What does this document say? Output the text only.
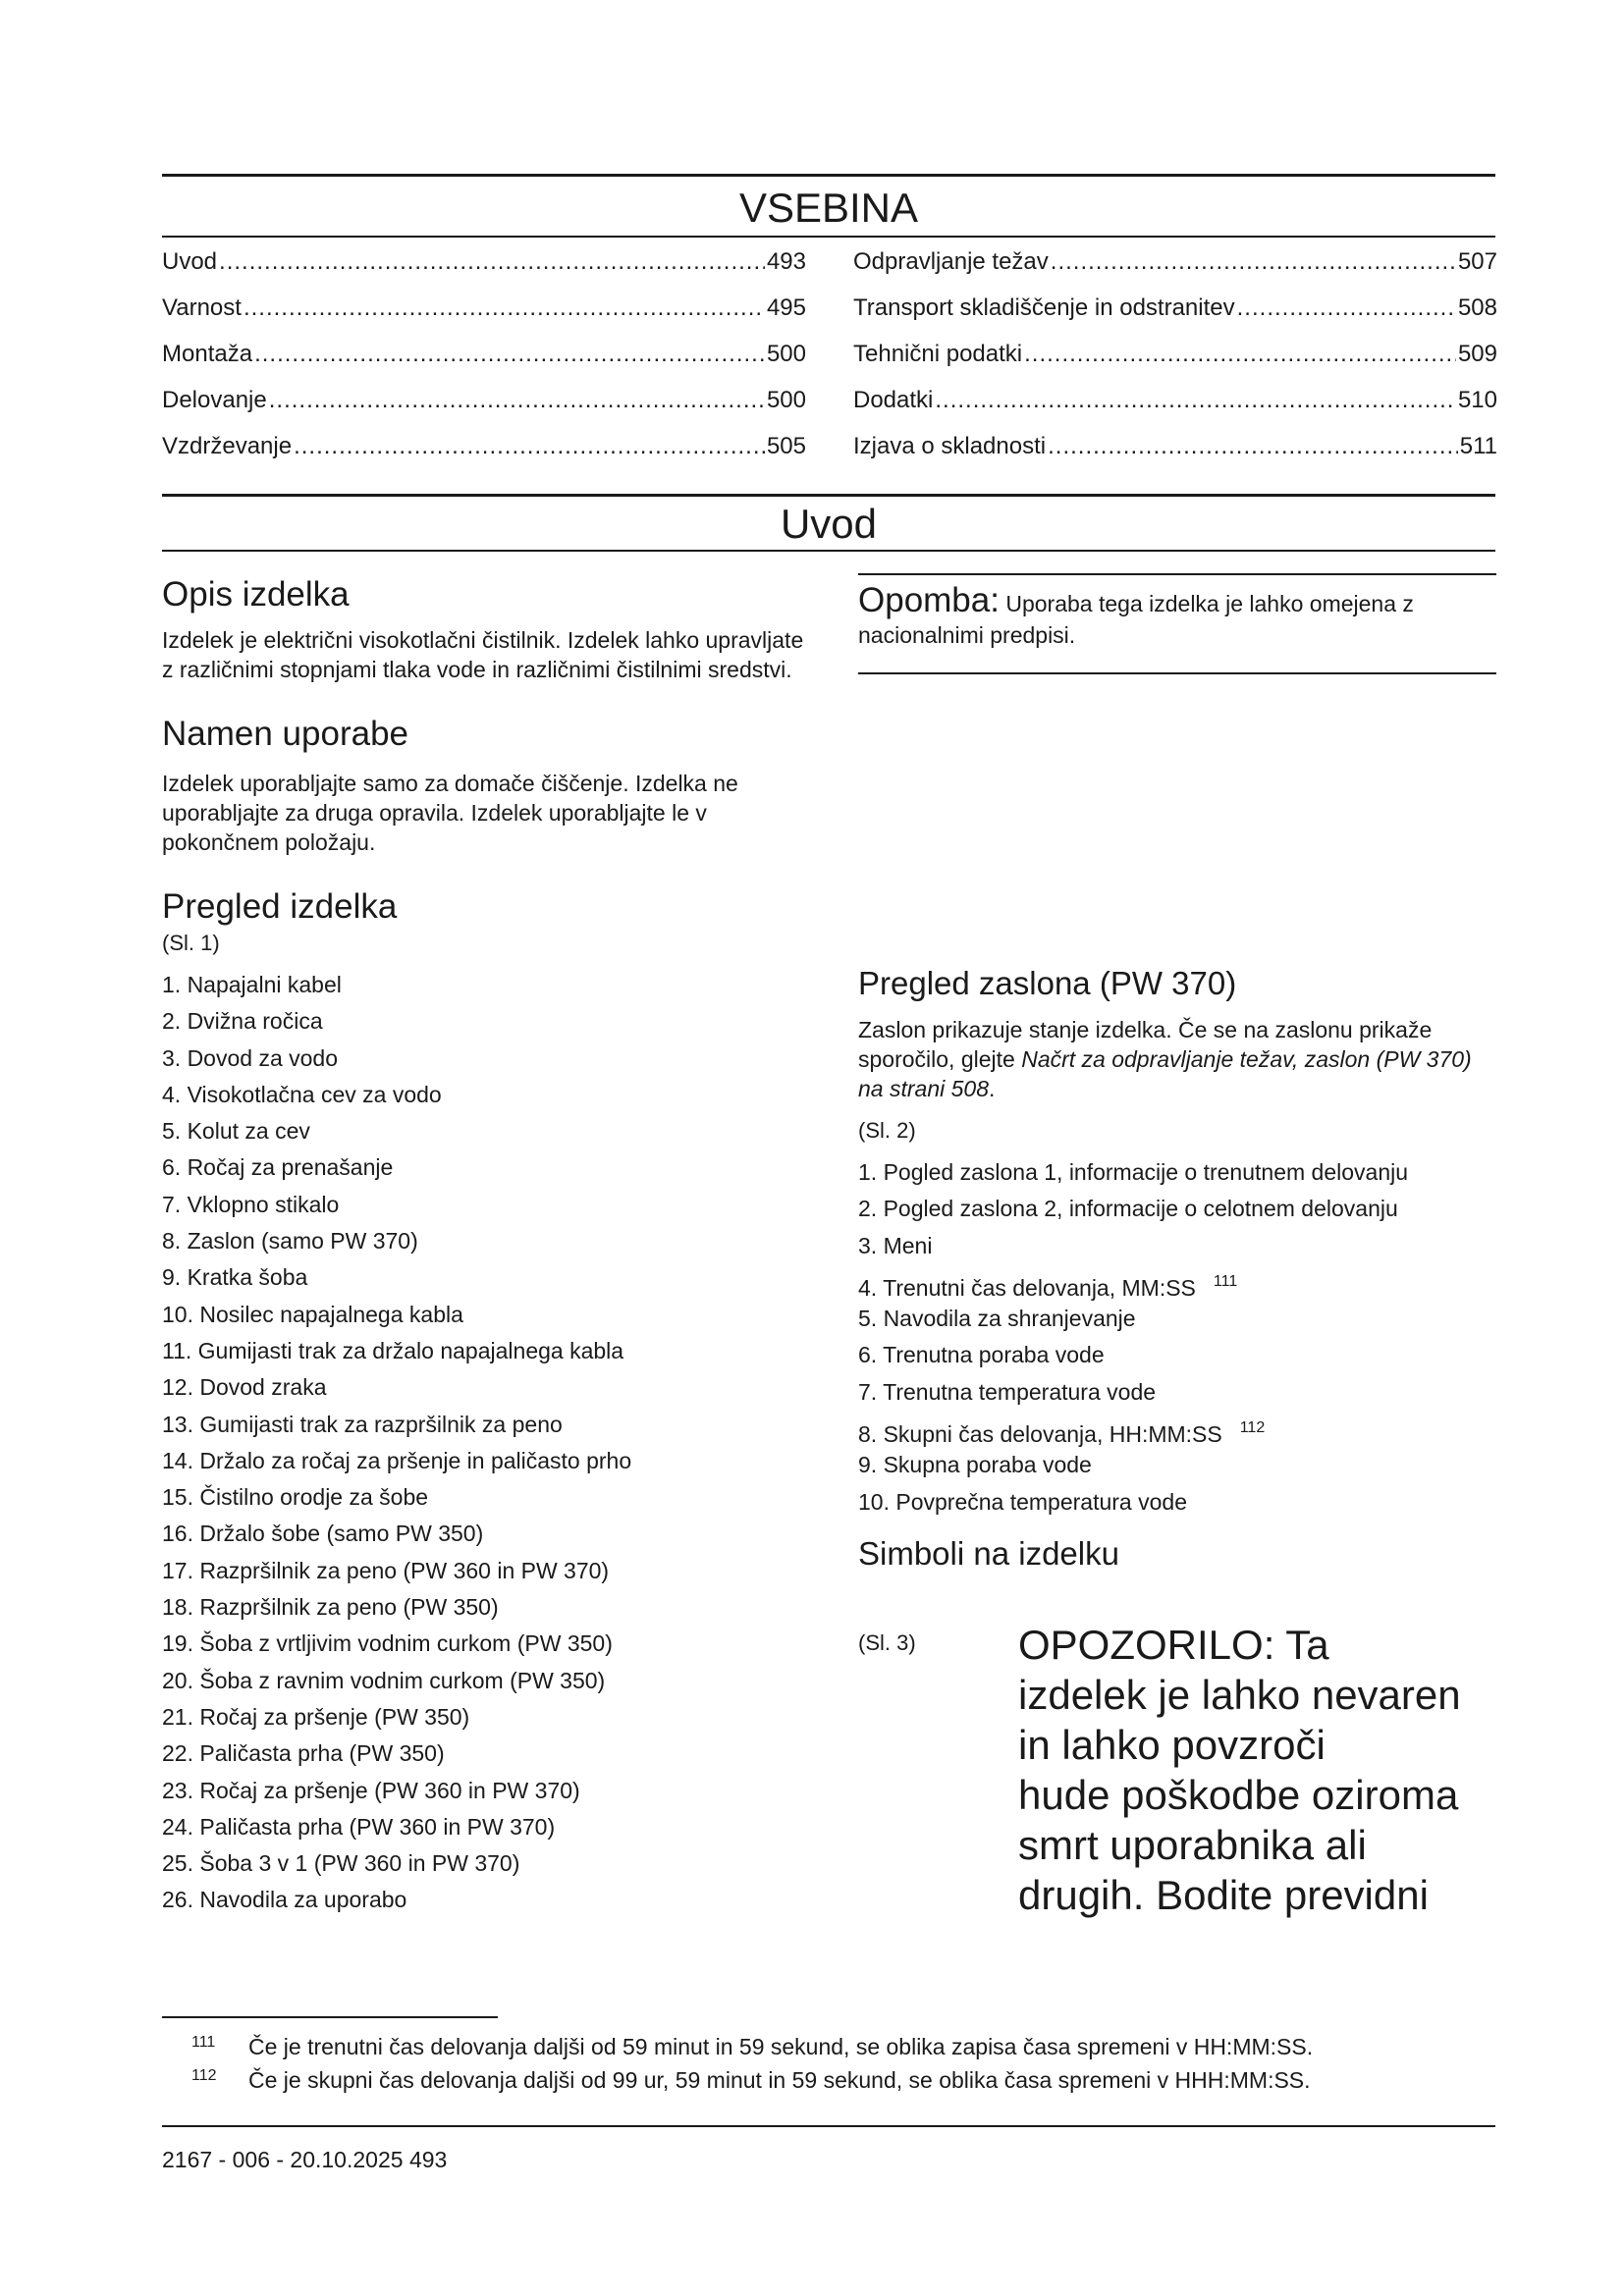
VSEBINA
Uvod .....	493
Varnost .....	495
Montaža .....	500
Delovanje .....	500
Vzdrževanje .....	505
Odpravljanje težav .....	507
Transport skladiščenje in odstranitev .....	508
Tehnični podatki .....	509
Dodatki .....	510
Izjava o skladnosti .....	511
Uvod
Opis izdelka

Izdelek je električni visokotlačni čistilnik. Izdelek lahko upravljate z različnimi stopnjami tlaka vode in različnimi čistilnimi sredstvi.

Namen uporabe

Izdelek uporabljajte samo za domače čiščenje. Izdelka ne uporabljajte za druga opravila. Izdelek uporabljajte le v pokončnem položaju.

Pregled izdelka

(Sl. 1)

1. Napajalni kabel
2. Dvižna ročica
3. Dovod za vodo
4. Visokotlačna cev za vodo
5. Kolut za cev
6. Ročaj za prenašanje
7. Vklopno stikalo
8. Zaslon (samo PW 370)
9. Kratka šoba
10. Nosilec napajalnega kabla
11. Gumijasti trak za držalo napajalnega kabla
12. Dovod zraka
13. Gumijasti trak za razpršilnik za peno
14. Držalo za ročaj za pršenje in paličasto prho
15. Čistilno orodje za šobe
16. Držalo šobe (samo PW 350)
17. Razpršilnik za peno (PW 360 in PW 370)
18. Razpršilnik za peno (PW 350)
19. Šoba z vrtljivim vodnim curkom (PW 350)
20. Šoba z ravnim vodnim curkom (PW 350)
21. Ročaj za pršenje (PW 350)
22. Paličasta prha (PW 350)
23. Ročaj za pršenje (PW 360 in PW 370)
24. Paličasta prha (PW 360 in PW 370)
25. Šoba 3 v 1 (PW 360 in PW 370)
26. Navodila za uporabo

Opomba: Uporaba tega izdelka je lahko omejena z nacionalnimi predpisi.

Pregled zaslona (PW 370)

Zaslon prikazuje stanje izdelka. Če se na zaslonu prikaže sporočilo, glejte Načrt za odpravljanje težav, zaslon (PW 370) na strani 508.

(Sl. 2)

1. Pogled zaslona 1, informacije o trenutnem delovanju
2. Pogled zaslona 2, informacije o celotnem delovanju
3. Meni
4. Trenutni čas delovanja, MM:SS $^{111}$
5. Navodila za shranjevanje
6. Trenutna poraba vode
7. Trenutna temperatura vode
8. Skupni čas delovanja, HH:MM:SS $^{112}$
9. Skupna poraba vode
10. Povprečna temperatura vode
Simboli na izdelku
(Sl. 3) OPOZORILO: Ta
izdelek je lahko nevaren
in lahko povzroči
hude poškodbe oziroma
smrt uporabnika ali
drugih. Bodite previdni
111 Če je trenutni čas delovanja daljši od 59 minut in 59 sekund, se oblika zapisa časa spremeni v HH:MM:SS.
112 Če je skupni čas delovanja daljši od 99 ur, 59 minut in 59 sekund, se oblika časa spremeni v HHH:MM:SS.
2167 - 006 - 20.10.2025 493
